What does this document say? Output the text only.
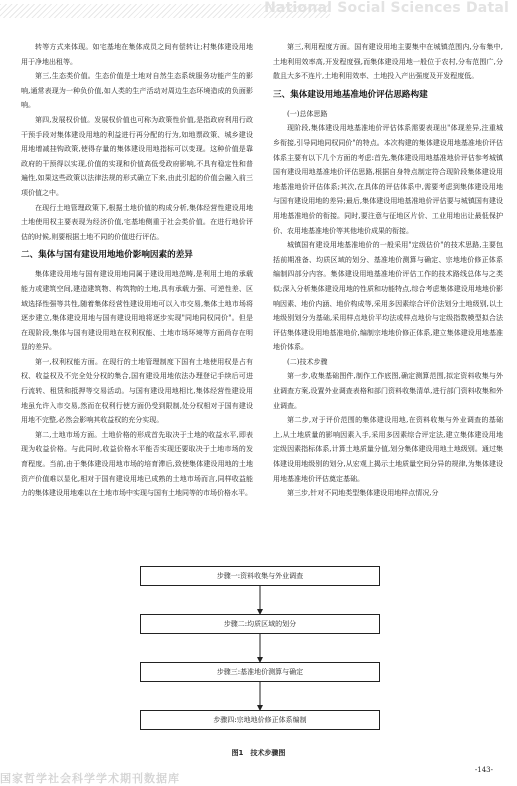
National Social Sciences Datal

转等方式来体现。如宅基地在集体成员之间有偿转让;村集体建设用地用于净地出租等。

第三,生态类价值。生态价值是土地对自然生态系统服务功能产生的影响,通常表现为一种负价值,如人类的生产活动对周边生态环境造成的负面影响。

第四,发展权价值。发展权价值也可称为政策性价值,是指政府利用行政干预手段对集体建设用地的利益进行再分配的行为,如地票政策、城乡建设用地增减挂钩政策,使得存量的集体建设用地指标可以变现。这种价值是靠政府的干预得以实现,价值的实现和价值高低受政府影响,不具有稳定性和普遍性,如果这些政策以法律法规的形式确立下来,由此引起的价值会融入前三项价值之中。

在现行土地管理政策下,根据土地价值的构成分析,集体经营性建设用地土地使用权主要表现为经济价值,宅基地侧重于社会类价值。在进行地价评估的时候,则要根据土地不同的价值进行评估。

二、集体与国有建设用地地价影响因素的差异

集体建设用地与国有建设用地同属于建设用地范畴,是利用土地的承载能力或建筑空间,建造建筑物、构筑物的土地,具有承载力强、可逆性差、区域选择性强等共性,随着集体经营性建设用地可以入市交易,集体土地市场将逐步建立,集体建设用地与国有建设用地将逐步实现"同地同权同价"。但是在现阶段,集体与国有建设用地在权利权能、土地市场环境等方面尚存在明显的差异。

第一,权利权能方面。在现行的土地管理制度下国有土地使用权是占有权、收益权及不完全处分权的集合,国有建设用地依法办理登记手续后可进行流转、租赁和抵押等交易活动。与国有建设用地相比,集体经营性建设用地虽允许入市交易,然而在权利行使方面仍受到限制,处分权相对于国有建设用地不完整,必然会影响其收益权的充分实现。

第二,土地市场方面。土地价格的形成首先取决于土地的收益水平,即表现为收益价格。与此同时,收益价格水平能否实现还要取决于土地市场的发育程度。当前,由于集体建设用地市场的培育滞后,致使集体建设用地的土地资产价值难以显化,相对于国有建设用地已成熟的土地市场而言,同样收益能力的集体建设用地难以在土地市场中实现与国有土地同等的市场价格水平。

第三,利用程度方面。国有建设用地主要集中在城镇范围内,分布集中,土地利用效率高,开发程度强,而集体建设用地一般位于农村,分布范围广,分散且大多不连片,土地利用效率、土地投入产出强度及开发程度低。

三、集体建设用地基准地价评估思路构建
(一)总体思路

现阶段,集体建设用地基准地价评估体系需要表现出"体现差异,注重城乡衔接,引导同地同权同价"的特点。本次构建的集体建设用地基准地价评估体系主要有以下几个方面的考虑:首先,集体建设用地基准地价评估参考城镇国有建设用地基准地价评估思路,根据自身特点制定符合现阶段集体建设用地基准地价评估体系;其次,在具体的评估体系中,需要考虑到集体建设用地与国有建设用地的差异;最后,集体建设用地基准地价评估要与城镇国有建设用地基准地价的衔接。同时,要注意与征地区片价、工业用地出让最低保护价、农用地基准地价等其他地价成果的衔接。

城镇国有建设用地基准地价的一般采用"定级估价"的技术思路,主要包括前期准备、均质区域的划分、基准地价测算与确定、宗地地价修正体系编制四部分内容。集体建设用地基准地价评估工作的技术路线总体与之类似;深入分析集体建设用地的性质和功能特点,综合考虑集体建设用地地价影响因素、地价内涵、地价构成等,采用多因素综合评价法划分土地级别,以土地级别划分为基础,采用样点地价平均法或样点地价与定级指数模型拟合法评估集体建设用地基准地价,编制宗地地价修正体系,建立集体建设用地基准地价体系。

(二)技术步骤

第一步,收集基础图件,制作工作底图,确定测算范围,拟定资料收集与外业调查方案,设置外业调查表格和部门资料收集清单,进行部门资料收集和外业调查。

第二步,对于评价范围的集体建设用地,在资料收集与外业调查的基础上,从土地质量的影响因素入手,采用多因素综合评定法,建立集体建设用地定级因素指标体系,计算土地质量分值,划分集体建设用地土地级别。通过集体建设用地级别的划分,从宏观上揭示土地质量空间分异的规律,为集体建设用地基准地价评估奠定基础。

第三步,针对不同地类型集体建设用地样点情况,分

步骤一:资料收集与外业调查
步骤二:均质区域的划分
步骤三:基准地价测算与确定
步骤四:宗地地价修正体系编制
图1　技术步骤图
国家哲学社会科学学术期刊数据库
-143-
